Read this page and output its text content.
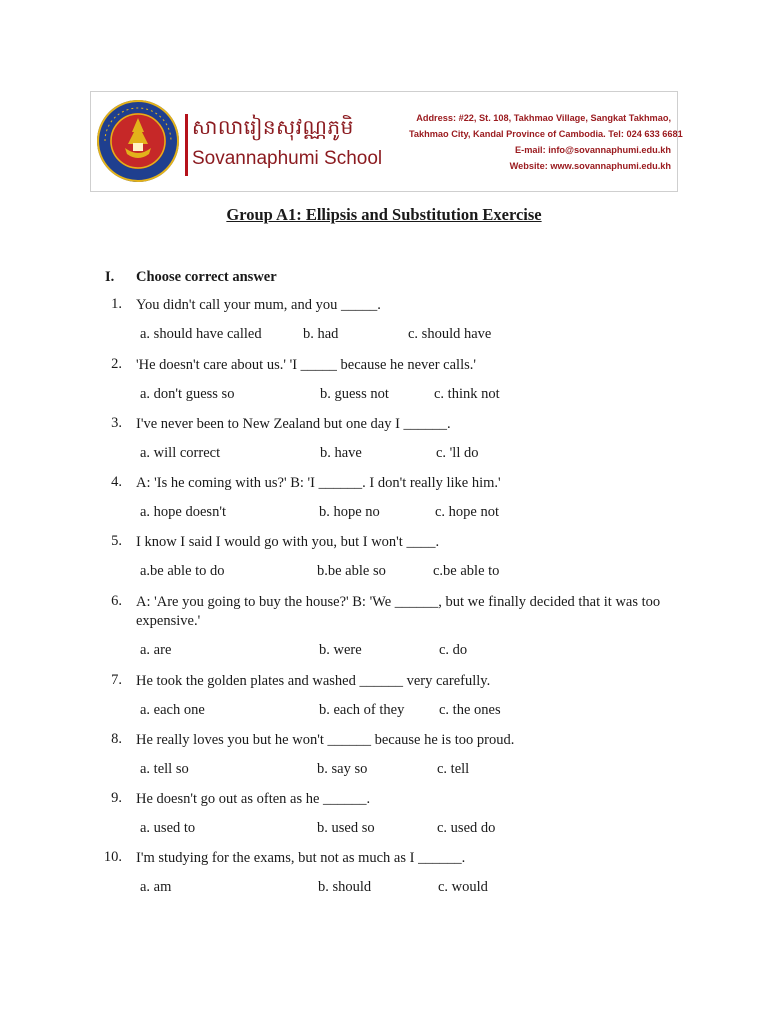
សាលារៀនសុវណ្ណភូមិ
Sovannaphumi School
Address: #22, St. 108, Takhmao Village, Sangkat Takhmao,
Takhmao City, Kandal Province of Cambodia. Tel: 024 633 6681
E-mail: info@sovannaphumi.edu.kh
Website: www.sovannaphumi.edu.kh
Group A1: Ellipsis and Substitution Exercise
I. Choose correct answer
1. You didn't call your mum, and you _____.
a. should have called	b. had	c. should have
2. 'He doesn't care about us.' 'I _____ because he never calls.'
a. don't guess so	b. guess not	c. think not
3. I've never been to New Zealand but one day I ______.
a. will correct	b. have	c. 'll do
4. A: 'Is he coming with us?' B: 'I ______. I don't really like him.'
a. hope doesn't	b. hope no	c. hope not
5. I know I said I would go with you, but I won't ____.
a.be able to do	b.be able so	c.be able to
6. A: 'Are you going to buy the house?' B: 'We ______, but we finally decided that it was too expensive.'
a. are	b. were	c. do
7. He took the golden plates and washed ______ very carefully.
a. each one	b. each of they c. the ones
8. He really loves you but he won't ______ because he is too proud.
a. tell so	b. say so	c. tell
9. He doesn't go out as often as he ______.
a. used to	b. used so	c. used do
10. I'm studying for the exams, but not as much as I ______.
a. am	b. should	c. would
